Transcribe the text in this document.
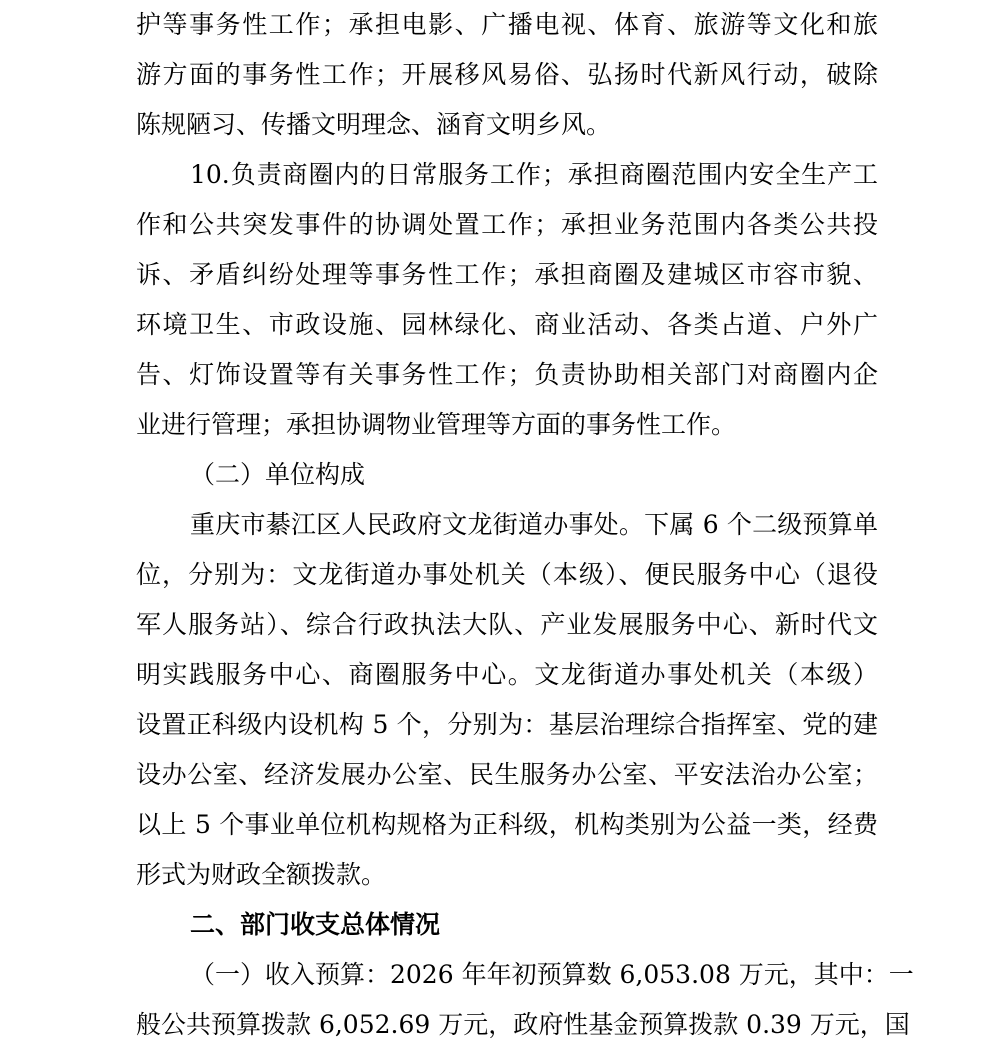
护等事务性工作；承担电影、广播电视、体育、旅游等文化和旅
游方面的事务性工作；开展移风易俗、弘扬时代新风行动，破除
陈规陋习、传播文明理念、涵育文明乡风。
10.负责商圈内的日常服务工作；承担商圈范围内安全生产工
作和公共突发事件的协调处置工作；承担业务范围内各类公共投
诉、矛盾纠纷处理等事务性工作；承担商圈及建城区市容市貌、
环境卫生、市政设施、园林绿化、商业活动、各类占道、户外广
告、灯饰设置等有关事务性工作；负责协助相关部门对商圈内企
业进行管理；承担协调物业管理等方面的事务性工作。
（二）单位构成
重庆市綦江区人民政府文龙街道办事处。下属 6 个二级预算单
位，分别为：文龙街道办事处机关（本级）、便民服务中心（退役
军人服务站）、综合行政执法大队、产业发展服务中心、新时代文
明实践服务中心、商圈服务中心。文龙街道办事处机关（本级）
设置正科级内设机构 5 个，分别为：基层治理综合指挥室、党的建
设办公室、经济发展办公室、民生服务办公室、平安法治办公室；
以上 5 个事业单位机构规格为正科级，机构类别为公益一类，经费
形式为财政全额拨款。
二、部门收支总体情况
（一）收入预算：2026 年年初预算数 6,053.08 万元，其中：一
般公共预算拨款 6,052.69 万元，政府性基金预算拨款 0.39 万元，国
